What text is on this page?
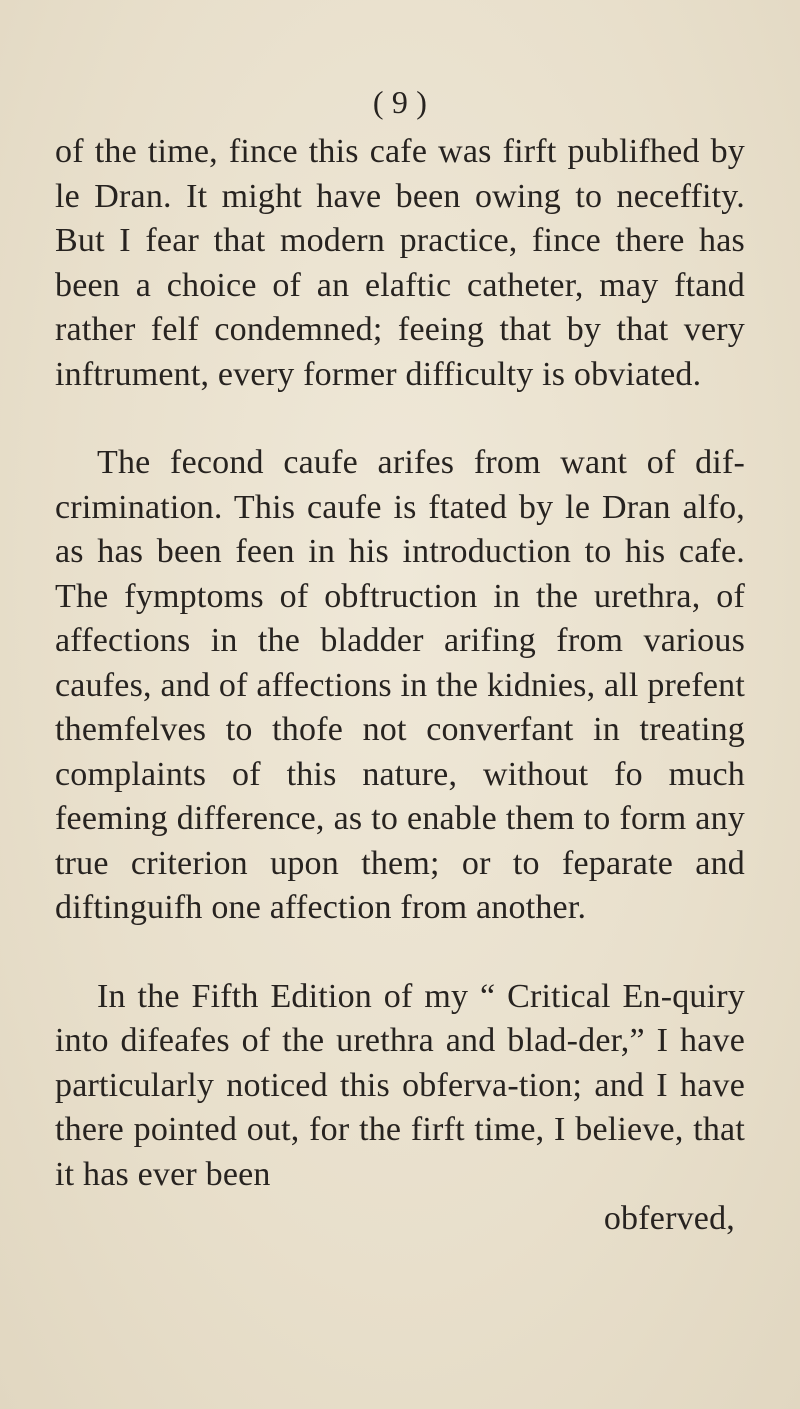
( 9 )

of the time, fince this cafe was firft publifhed by le Dran. It might have been owing to neceffity. But I fear that modern practice, fince there has been a choice of an elaftic catheter, may ftand rather felf condemned; feeing that by that very inftrument, every former difficulty is obviated.

The fecond caufe arifes from want of dif-crimination. This caufe is ftated by le Dran alfo, as has been feen in his introduction to his cafe. The fymptoms of obftruction in the urethra, of affections in the bladder arifing from various caufes, and of affections in the kidnies, all prefent themfelves to thofe not converfant in treating complaints of this nature, without fo much feeming difference, as to enable them to form any true criterion upon them; or to feparate and diftinguifh one affection from another.

In the Fifth Edition of my “ Critical En-quiry into difeafes of the urethra and blad-der,” I have particularly noticed this obferva-tion; and I have there pointed out, for the firft time, I believe, that it has ever been

obferved,
